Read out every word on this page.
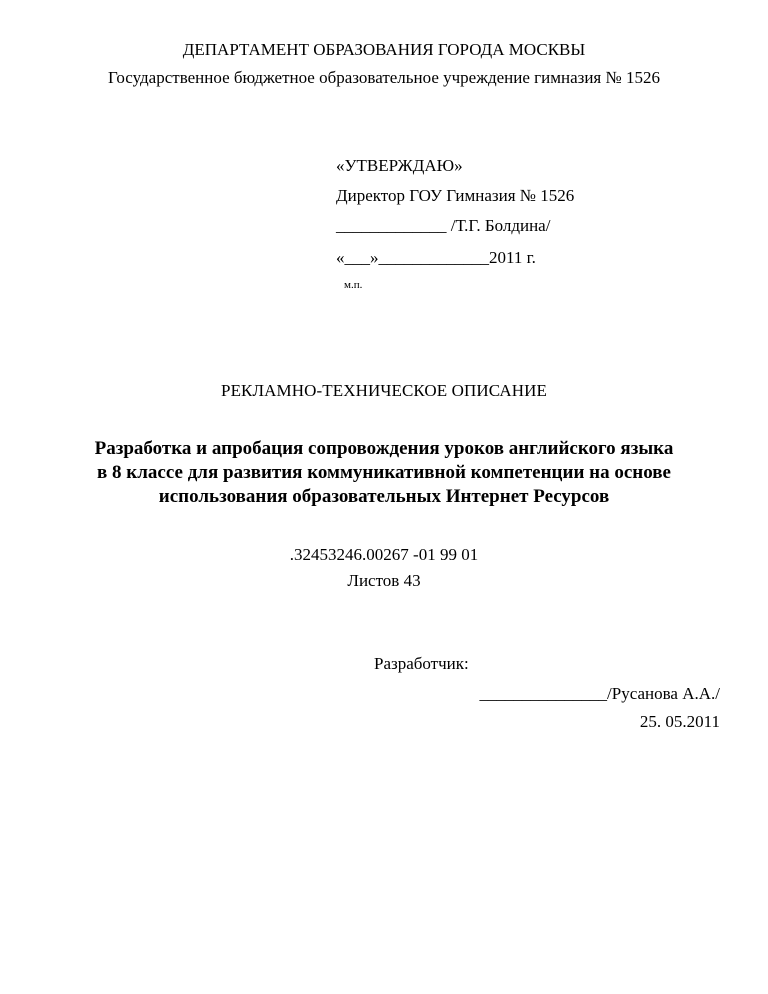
ДЕПАРТАМЕНТ ОБРАЗОВАНИЯ ГОРОДА МОСКВЫ
Государственное бюджетное образовательное учреждение гимназия № 1526
«УТВЕРЖДАЮ»
Директор ГОУ Гимназия № 1526
_____________ /Т.Г. Болдина/
«___»_____________2011 г.
м.п.
РЕКЛАМНО-ТЕХНИЧЕСКОЕ ОПИСАНИЕ
Разработка и апробация сопровождения уроков английского языка
в 8 классе для развития коммуникативной компетенции на основе
использования образовательных Интернет Ресурсов
.32453246.00267 -01 99 01
Листов 43
Разработчик:
_______________/Русанова А.А./
25. 05.2011
